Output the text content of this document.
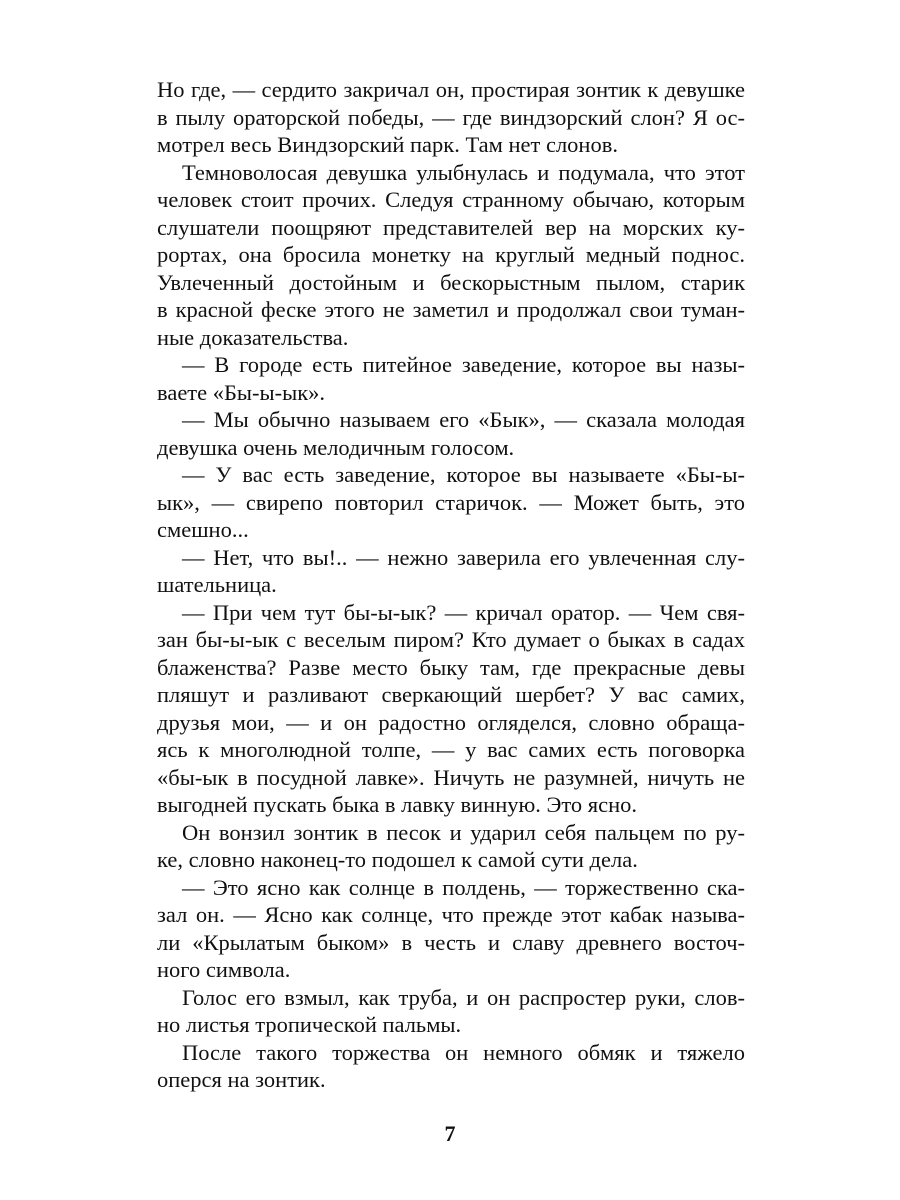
Но где, — сердито закричал он, простирая зонтик к девушке
в пылу ораторской победы, — где виндзорский слон? Я ос-
мотрел весь Виндзорский парк. Там нет слонов.
Темноволосая девушка улыбнулась и подумала, что этот
человек стоит прочих. Следуя странному обычаю, которым
слушатели поощряют представителей вер на морских ку-
рортах, она бросила монетку на круглый медный поднос.
Увлеченный достойным и бескорыстным пылом, старик
в красной феске этого не заметил и продолжал свои туман-
ные доказательства.
— В городе есть питейное заведение, которое вы назы-
ваете «Бы-ы-ык».
— Мы обычно называем его «Бык», — сказала молодая
девушка очень мелодичным голосом.
— У вас есть заведение, которое вы называете «Бы-ы-
ык», — свирепо повторил старичок. — Может быть, это
смешно...
— Нет, что вы!.. — нежно заверила его увлеченная слу-
шательница.
— При чем тут бы-ы-ык? — кричал оратор. — Чем свя-
зан бы-ы-ык с веселым пиром? Кто думает о быках в садах
блаженства? Разве место быку там, где прекрасные девы
пляшут и разливают сверкающий шербет? У вас самих,
друзья мои, — и он радостно огляделся, словно обраща-
ясь к многолюдной толпе, — у вас самих есть поговорка
«бы-ык в посудной лавке». Ничуть не разумней, ничуть не
выгодней пускать быка в лавку винную. Это ясно.
Он вонзил зонтик в песок и ударил себя пальцем по ру-
ке, словно наконец-то подошел к самой сути дела.
— Это ясно как солнце в полдень, — торжественно ска-
зал он. — Ясно как солнце, что прежде этот кабак называ-
ли «Крылатым быком» в честь и славу древнего восточ-
ного символа.
Голос его взмыл, как труба, и он распростер руки, слов-
но листья тропической пальмы.
После такого торжества он немного обмяк и тяжело
оперся на зонтик.
7
